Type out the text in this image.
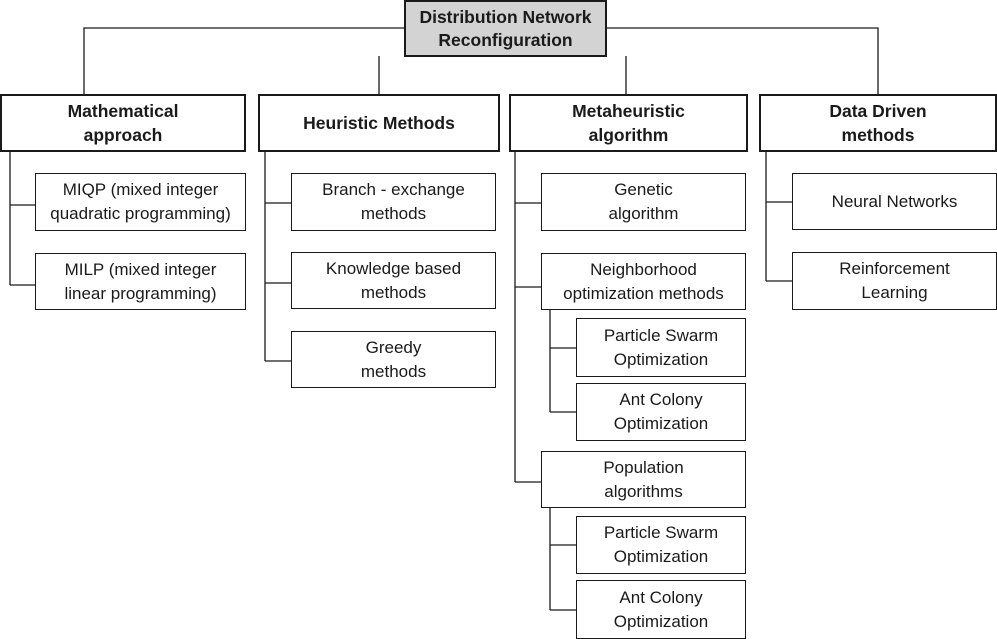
Distribution Network
Reconfiguration
Mathematical
approach
Heuristic Methods
Metaheuristic
algorithm
Data Driven
methods
MIQP (mixed integer
quadratic programming)
MILP (mixed integer
linear programming)
Branch - exchange
methods
Knowledge based
methods
Greedy
methods
Genetic
algorithm
Neighborhood
optimization methods
Particle Swarm
Optimization
Ant Colony
Optimization
Population
algorithms
Particle Swarm
Optimization
Ant Colony
Optimization
Neural Networks
Reinforcement
Learning
